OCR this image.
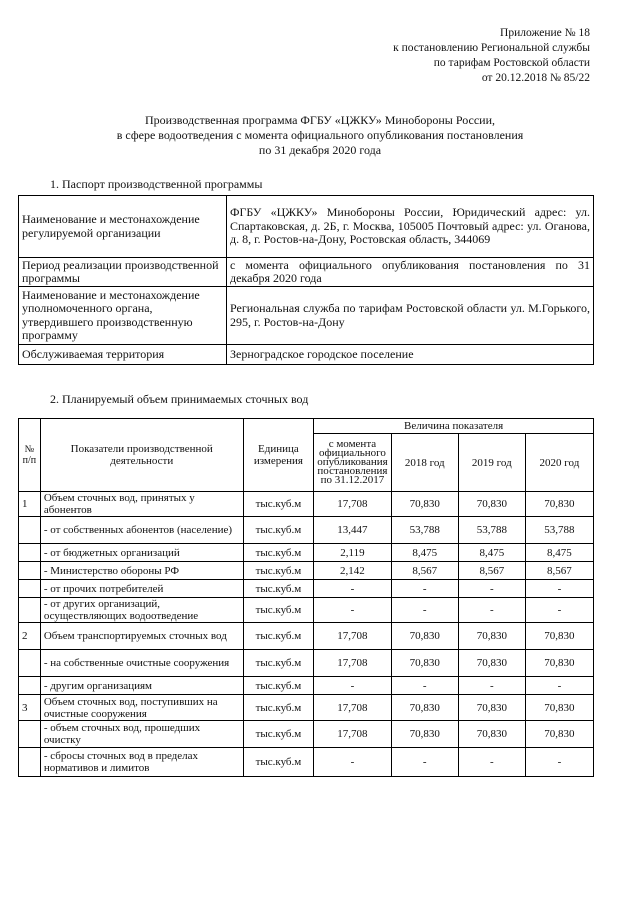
Приложение № 18
к постановлению Региональной службы
по тарифам Ростовской области
от 20.12.2018 № 85/22
Производственная программа ФГБУ «ЦЖКУ» Минобороны России,
в сфере водоотведения с момента официального опубликования постановления
по 31 декабря 2020 года
1. Паспорт производственной программы
Наименование и местонахождение регулируемой организации	ФГБУ «ЦЖКУ» Минобороны России, Юридический адрес: ул. Спартаковская, д. 2Б, г. Москва, 105005 Почтовый адрес: ул. Оганова, д. 8, г. Ростов-на-Дону, Ростовская область, 344069
Период реализации производственной программы	с момента официального опубликования постановления по 31 декабря 2020 года
Наименование и местонахождение уполномоченного органа, утвердившего производственную программу	Региональная служба по тарифам Ростовской области ул. М.Горького, 295, г. Ростов-на-Дону
Обслуживаемая территория	Зерноградское городское поселение
2. Планируемый объем принимаемых сточных вод
№ п/п	Показатели производственной деятельности	Единица измерения	Величина показателя			
			с момента официального опубликования постановления по 31.12.2017	2018 год	2019 год	2020 год
1	Объем сточных вод, принятых у абонентов	тыс.куб.м	17,708	70,830	70,830	70,830
	- от собственных абонентов (население)	тыс.куб.м	13,447	53,788	53,788	53,788
	- от бюджетных организаций	тыс.куб.м	2,119	8,475	8,475	8,475
	- Министерство обороны РФ	тыс.куб.м	2,142	8,567	8,567	8,567
	- от прочих потребителей	тыс.куб.м	-	-	-	-
	- от других организаций, осуществляющих водоотведение	тыс.куб.м	-	-	-	-
2	Объем транспортируемых сточных вод	тыс.куб.м	17,708	70,830	70,830	70,830
	- на собственные очистные сооружения	тыс.куб.м	17,708	70,830	70,830	70,830
	- другим организациям	тыс.куб.м	-	-	-	-
3	Объем сточных вод, поступивших на очистные сооружения	тыс.куб.м	17,708	70,830	70,830	70,830
	- объем сточных вод, прошедших очистку	тыс.куб.м	17,708	70,830	70,830	70,830
	- сбросы сточных вод в пределах нормативов и лимитов	тыс.куб.м	-	-	-	-
